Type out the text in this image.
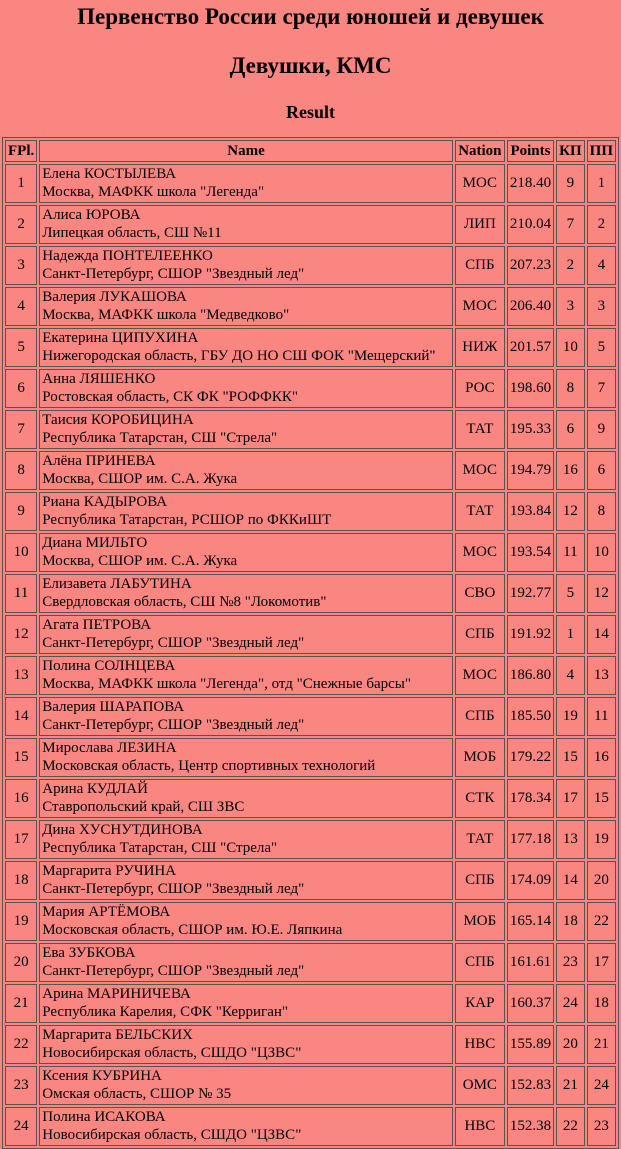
Первенство России среди юношей и девушек
Девушки, КМС
Result
FPl.	Name	Nation	Points	КП	ПП
1	Елена КОСТЫЛЕВА
Москва, МАФКК школа "Легенда"	МОС	218.40	9	1
2	Алиса ЮРОВА
Липецкая область, СШ №11	ЛИП	210.04	7	2
3	Надежда ПОНТЕЛЕЕНКО
Санкт-Петербург, СШОР "Звездный лед"	СПБ	207.23	2	4
4	Валерия ЛУКАШОВА
Москва, МАФКК школа "Медведково"	МОС	206.40	3	3
5	Екатерина ЦИПУХИНА
Нижегородская область, ГБУ ДО НО СШ ФОК "Мещерский"	НИЖ	201.57	10	5
6	Анна ЛЯШЕНКО
Ростовская область, СК ФК "РОФФКК"	РОС	198.60	8	7
7	Таисия КОРОБИЦИНА
Республика Татарстан, СШ "Стрела"	ТАТ	195.33	6	9
8	Алёна ПРИНЕВА
Москва, СШОР им. С.А. Жука	МОС	194.79	16	6
9	Риана КАДЫРОВА
Республика Татарстан, РСШОР по ФККиШТ	ТАТ	193.84	12	8
10	Диана МИЛЬТО
Москва, СШОР им. С.А. Жука	МОС	193.54	11	10
11	Елизавета ЛАБУТИНА
Свердловская область, СШ №8 "Локомотив"	СВО	192.77	5	12
12	Агата ПЕТРОВА
Санкт-Петербург, СШОР "Звездный лед"	СПБ	191.92	1	14
13	Полина СОЛНЦЕВА
Москва, МАФКК школа "Легенда", отд "Снежные барсы"	МОС	186.80	4	13
14	Валерия ШАРАПОВА
Санкт-Петербург, СШОР "Звездный лед"	СПБ	185.50	19	11
15	Мирослава ЛЕЗИНА
Московская область, Центр спортивных технологий	МОБ	179.22	15	16
16	Арина КУДЛАЙ
Ставропольский край, СШ ЗВС	СТК	178.34	17	15
17	Дина ХУСНУТДИНОВА
Республика Татарстан, СШ "Стрела"	ТАТ	177.18	13	19
18	Маргарита РУЧИНА
Санкт-Петербург, СШОР "Звездный лед"	СПБ	174.09	14	20
19	Мария АРТЁМОВА
Московская область, СШОР им. Ю.Е. Ляпкина	МОБ	165.14	18	22
20	Ева ЗУБКОВА
Санкт-Петербург, СШОР "Звездный лед"	СПБ	161.61	23	17
21	Арина МАРИНИЧЕВА
Республика Карелия, СФК "Керриган"	КАР	160.37	24	18
22	Маргарита БЕЛЬСКИХ
Новосибирская область, СШДО "ЦЗВС"	НВС	155.89	20	21
23	Ксения КУБРИНА
Омская область, СШОР № 35	ОМС	152.83	21	24
24	Полина ИСАКОВА
Новосибирская область, СШДО "ЦЗВС"	НВС	152.38	22	23
